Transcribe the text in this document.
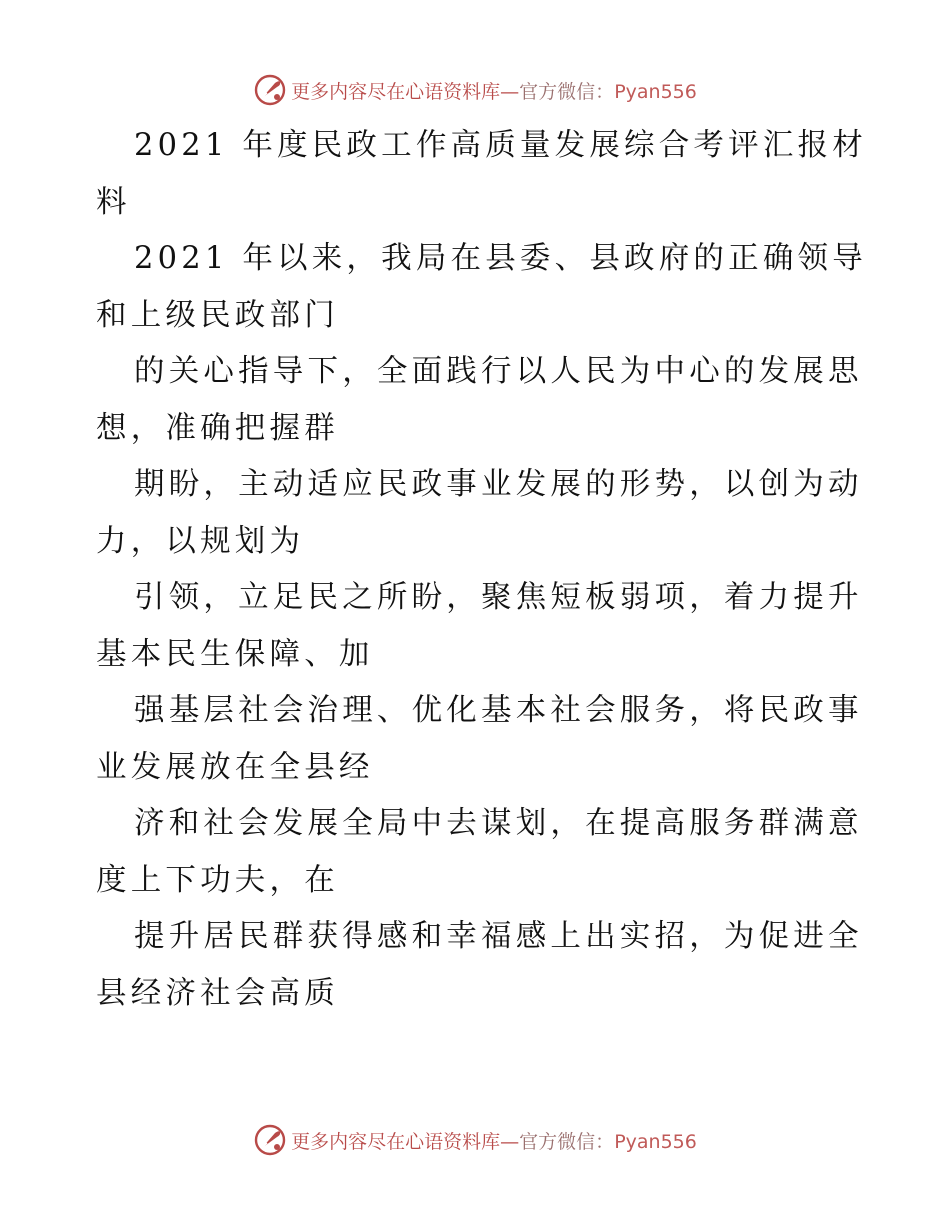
更多内容尽在心语资料库—官方微信：Pyan556
2021 年度民政工作高质量发展综合考评汇报材
料
2021 年以来，我局在县委、县政府的正确领导
和上级民政部门
的关心指导下，全面践行以人民为中心的发展思
想，准确把握群
期盼，主动适应民政事业发展的形势，以创为动
力，以规划为
引领，立足民之所盼，聚焦短板弱项，着力提升
基本民生保障、加
强基层社会治理、优化基本社会服务，将民政事
业发展放在全县经
济和社会发展全局中去谋划，在提高服务群满意
度上下功夫，在
提升居民群获得感和幸福感上出实招，为促进全
县经济社会高质
更多内容尽在心语资料库—官方微信：Pyan556
